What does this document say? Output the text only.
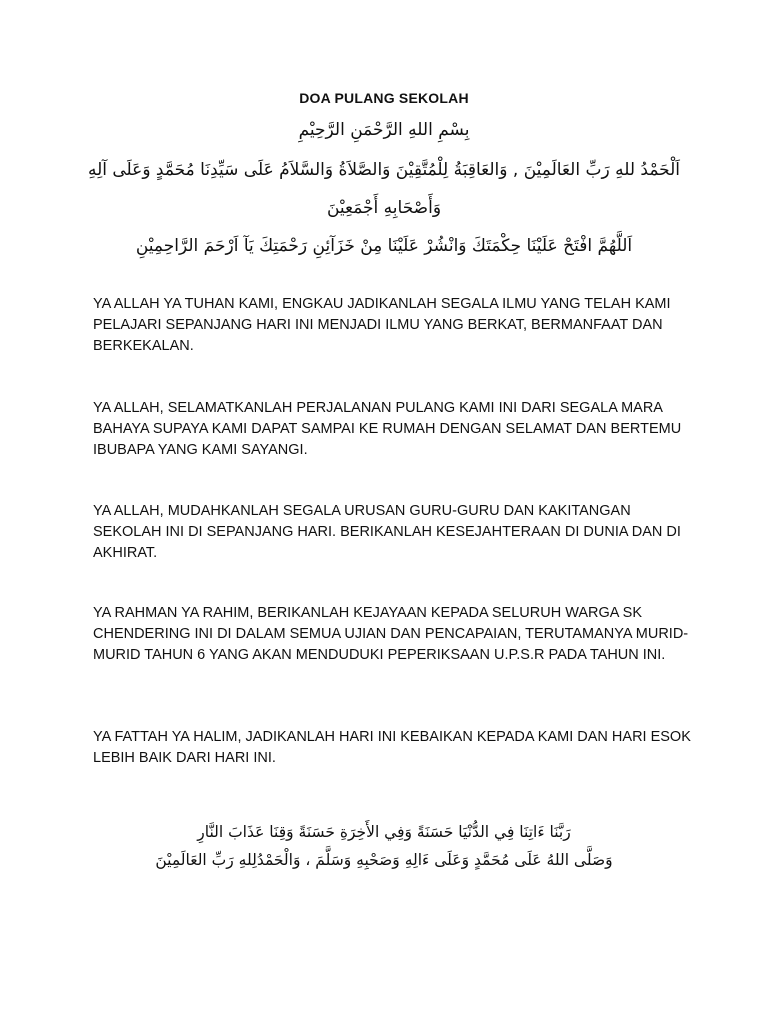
DOA PULANG SEKOLAH
بِسْمِ اللهِ الرَّحْمَنِ الرَّحِيْمِ
اَلْحَمْدُ للهِ رَبِّ العَالَمِيْنَ , وَالعَاقِبَةُ لِلْمُتَّقِيْنَ وَالصَّلاَةُ وَالسَّلاَمُ عَلَى سَيِّدِنَا مُحَمَّدٍ وَعَلَى آلِهِ
وَأَصْحَابِهِ أَجْمَعِيْنَ
اَللَّهُمَّ افْتَحْ عَلَيْنَا حِكْمَتَكَ وَانْشُرْ عَلَيْنَا مِنْ خَزَآئِنِ رَحْمَتِكَ يَآ اَرْحَمَ الرَّاحِمِيْنِ
YA ALLAH YA TUHAN KAMI, ENGKAU JADIKANLAH SEGALA ILMU YANG TELAH KAMI PELAJARI SEPANJANG HARI INI MENJADI ILMU YANG BERKAT, BERMANFAAT DAN BERKEKALAN.
YA ALLAH, SELAMATKANLAH PERJALANAN PULANG KAMI INI DARI SEGALA MARA BAHAYA SUPAYA KAMI DAPAT SAMPAI KE RUMAH DENGAN SELAMAT DAN BERTEMU IBUBAPA YANG KAMI SAYANGI.
YA ALLAH, MUDAHKANLAH SEGALA URUSAN GURU-GURU DAN KAKITANGAN SEKOLAH INI DI SEPANJANG HARI. BERIKANLAH KESEJAHTERAAN DI DUNIA DAN DI AKHIRAT.
YA RAHMAN YA RAHIM, BERIKANLAH KEJAYAAN KEPADA SELURUH WARGA SK CHENDERING INI DI DALAM SEMUA UJIAN DAN PENCAPAIAN, TERUTAMANYA MURID-MURID TAHUN 6 YANG AKAN MENDUDUKI PEPERIKSAAN U.P.S.R PADA TAHUN INI.
YA FATTAH YA HALIM, JADIKANLAH HARI INI KEBAIKAN KEPADA KAMI DAN HARI ESOK LEBIH BAIK DARI HARI INI.
رَبَّنَا ءَاتِنَا فِي الدُّنْيَا حَسَنَةً وَفِي الأَخِرَةِ حَسَنَةً وَقِنَا عَذَابَ النَّارِ
وَصَلَّى اللهُ عَلَى مُحَمَّدٍ وَعَلَى ءَالِهِ وَصَحْبِهِ وَسَلَّمَ ، وَالْحَمْدُلِلهِ رَبِّ العَالَمِيْنَ
